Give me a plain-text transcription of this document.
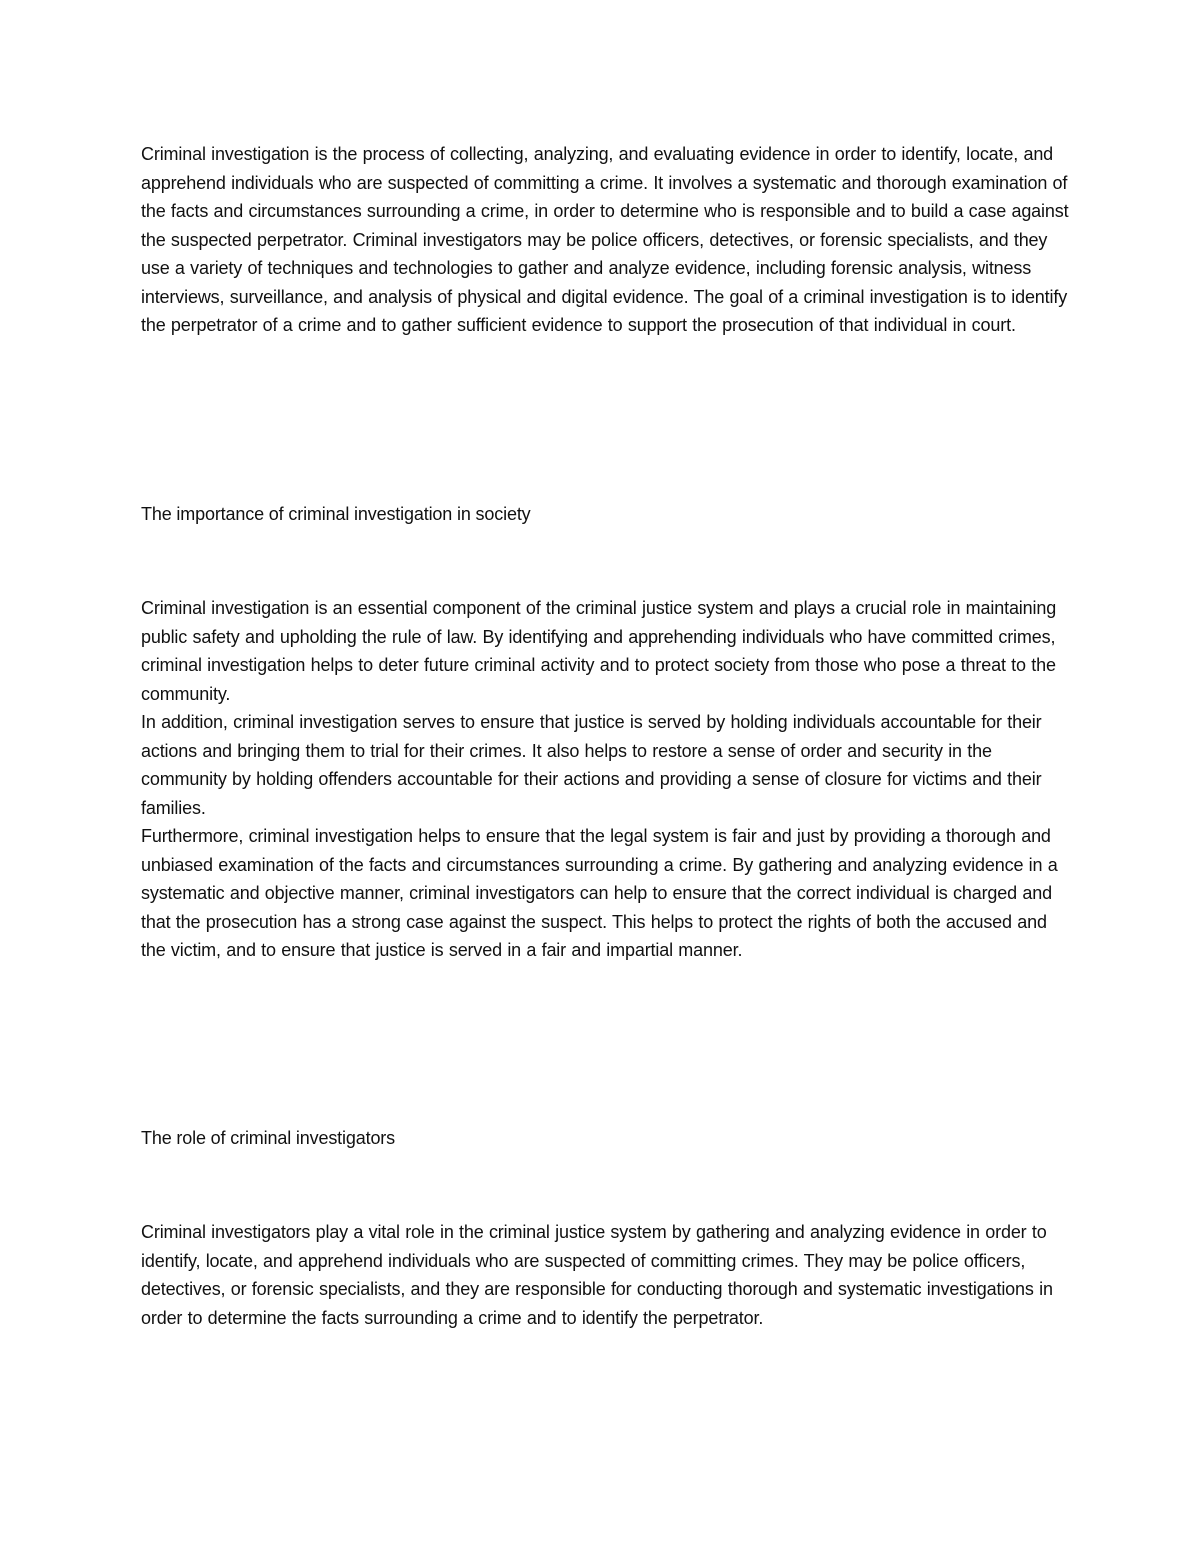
Criminal investigation is the process of collecting, analyzing, and evaluating evidence in order to identify, locate, and apprehend individuals who are suspected of committing a crime. It involves a systematic and thorough examination of the facts and circumstances surrounding a crime, in order to determine who is responsible and to build a case against the suspected perpetrator. Criminal investigators may be police officers, detectives, or forensic specialists, and they use a variety of techniques and technologies to gather and analyze evidence, including forensic analysis, witness interviews, surveillance, and analysis of physical and digital evidence. The goal of a criminal investigation is to identify the perpetrator of a crime and to gather sufficient evidence to support the prosecution of that individual in court.

The importance of criminal investigation in society

Criminal investigation is an essential component of the criminal justice system and plays a crucial role in maintaining public safety and upholding the rule of law. By identifying and apprehending individuals who have committed crimes, criminal investigation helps to deter future criminal activity and to protect society from those who pose a threat to the community.

In addition, criminal investigation serves to ensure that justice is served by holding individuals accountable for their actions and bringing them to trial for their crimes. It also helps to restore a sense of order and security in the community by holding offenders accountable for their actions and providing a sense of closure for victims and their families.

Furthermore, criminal investigation helps to ensure that the legal system is fair and just by providing a thorough and unbiased examination of the facts and circumstances surrounding a crime. By gathering and analyzing evidence in a systematic and objective manner, criminal investigators can help to ensure that the correct individual is charged and that the prosecution has a strong case against the suspect. This helps to protect the rights of both the accused and the victim, and to ensure that justice is served in a fair and impartial manner.

The role of criminal investigators

Criminal investigators play a vital role in the criminal justice system by gathering and analyzing evidence in order to identify, locate, and apprehend individuals who are suspected of committing crimes. They may be police officers, detectives, or forensic specialists, and they are responsible for conducting thorough and systematic investigations in order to determine the facts surrounding a crime and to identify the perpetrator.
